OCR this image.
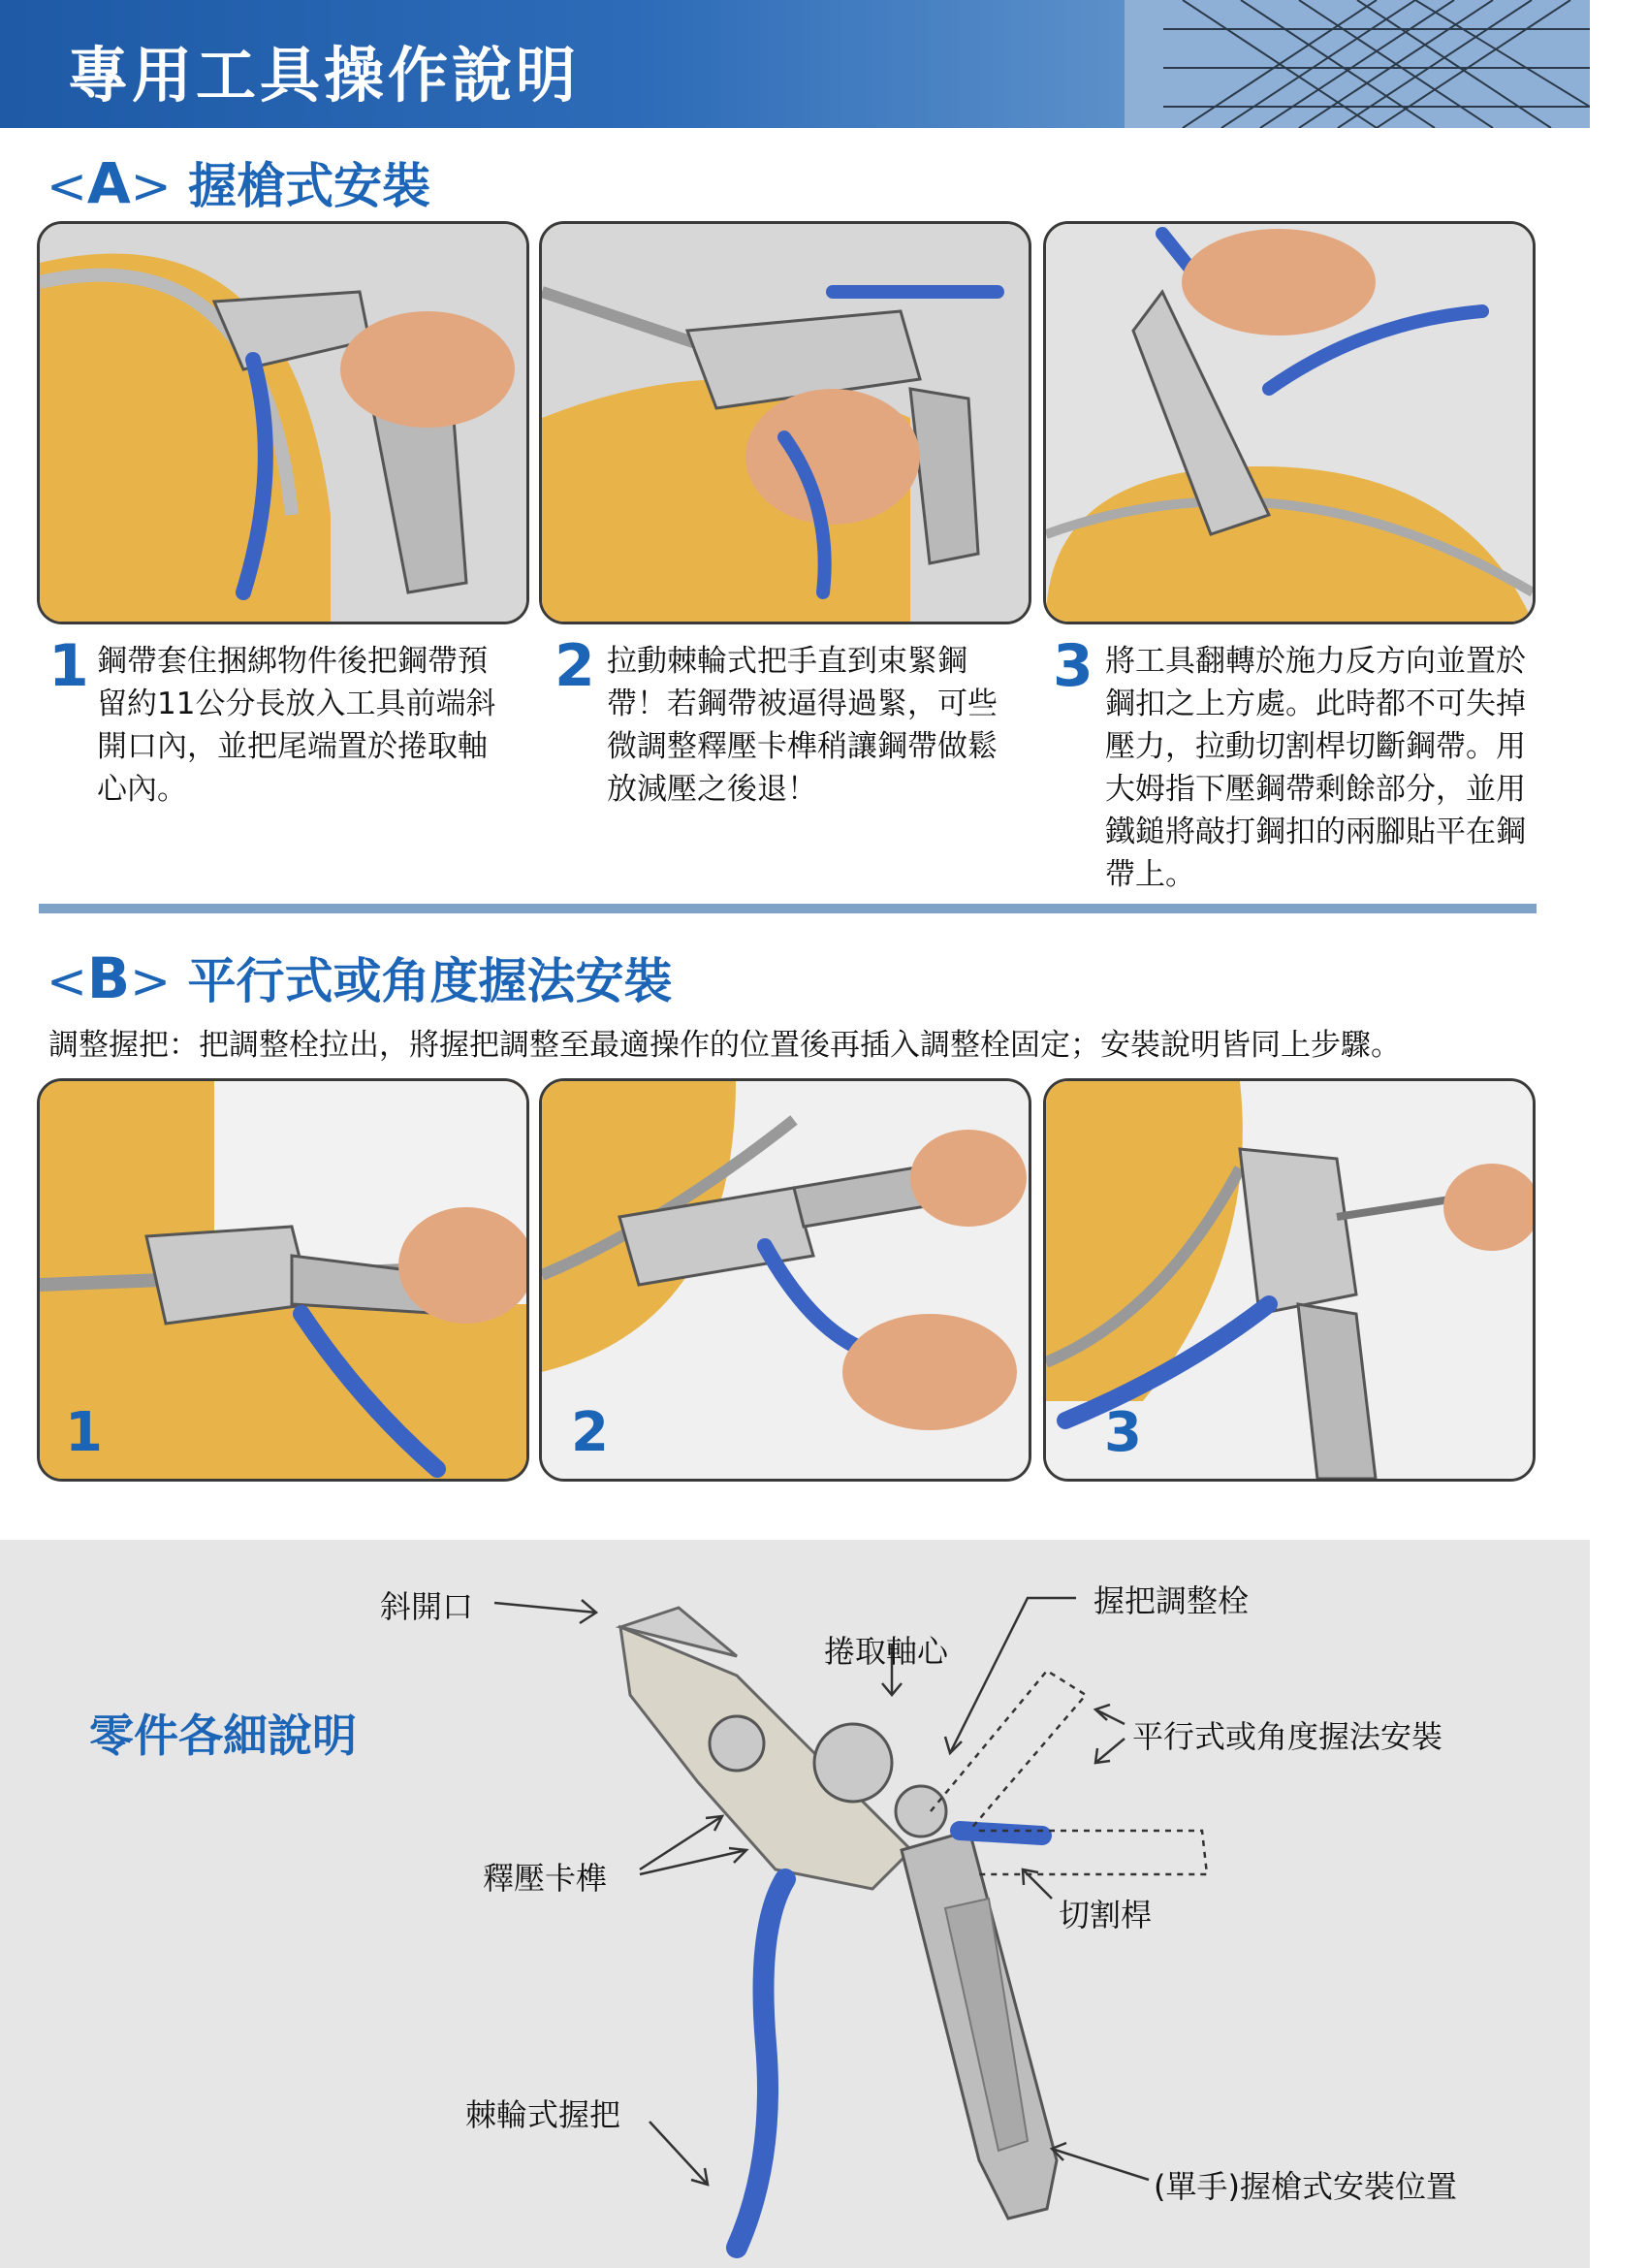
專用工具操作說明
<A> 握槍式安裝
1 鋼帶套住捆綁物件後把鋼帶預留約11公分長放入工具前端斜開口內，並把尾端置於捲取軸心內。
2 拉動棘輪式把手直到束緊鋼帶！若鋼帶被逼得過緊，可些微調整釋壓卡榫稍讓鋼帶做鬆放減壓之後退！
3 將工具翻轉於施力反方向並置於鋼扣之上方處。此時都不可失掉壓力，拉動切割桿切斷鋼帶。用大姆指下壓鋼帶剩餘部分，並用鐵鎚將敲打鋼扣的兩腳貼平在鋼帶上。
<B> 平行式或角度握法安裝
調整握把：把調整栓拉出，將握把調整至最適操作的位置後再插入調整栓固定；安裝說明皆同上步驟。
1	2	3
零件各細說明
斜開口
捲取軸心
握把調整栓
平行式或角度握法安裝
釋壓卡榫
切割桿
棘輪式握把
(單手)握槍式安裝位置
